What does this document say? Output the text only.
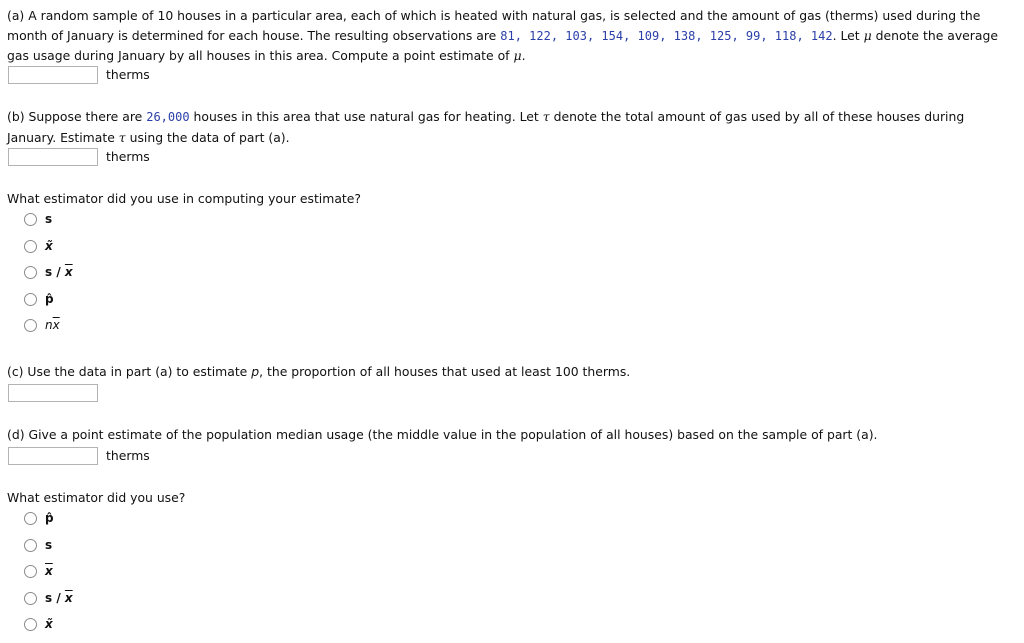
(a) A random sample of 10 houses in a particular area, each of which is heated with natural gas, is selected and the amount of gas (therms) used during the month of January is determined for each house. The resulting observations are 81, 122, 103, 154, 109, 138, 125, 99, 118, 142. Let μ denote the average gas usage during January by all houses in this area. Compute a point estimate of μ.

therms

(b) Suppose there are 26,000 houses in this area that use natural gas for heating. Let τ denote the total amount of gas used by all of these houses during January. Estimate τ using the data of part (a).

therms

What estimator did you use in computing your estimate?

s
x̃
s / $\overline{x}$
p̂
$n\overline{x}$

(c) Use the data in part (a) to estimate p, the proportion of all houses that used at least 100 therms.

(d) Give a point estimate of the population median usage (the middle value in the population of all houses) based on the sample of part (a).

therms

What estimator did you use?

p̂
s
$\overline{x}$
s / $\overline{x}$
x̃
